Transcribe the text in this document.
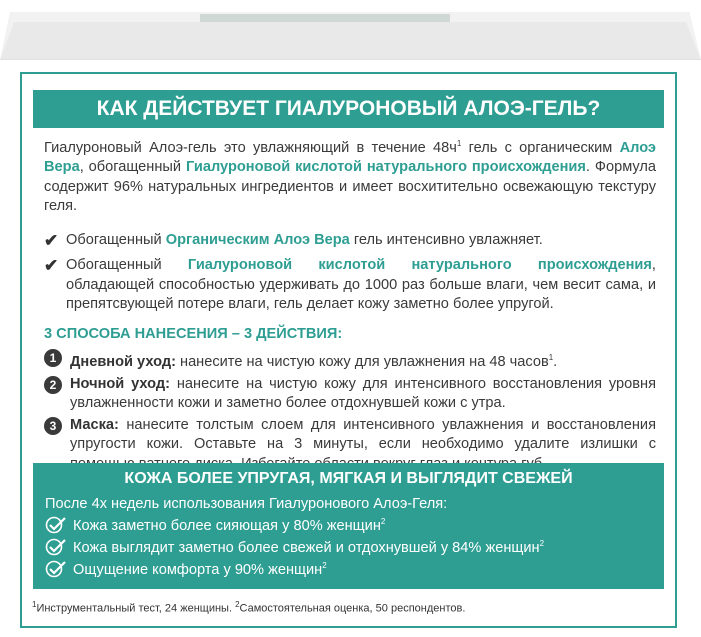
КАК ДЕЙСТВУЕТ ГИАЛУРОНОВЫЙ АЛОЭ-ГЕЛЬ?

Гиалуроновый Алоэ-гель это увлажняющий в течение $48ч^1$ гель с органическим Алоэ Вера, обогащенный Гиалуроновой кислотой натурального происхождения. Формула содержит 96% натуральных ингредиентов и имеет восхитительно освежающую текстуру геля.

✔ Обогащенный Органическим Алоэ Вера гель интенсивно увлажняет.
✔ Обогащенный Гиалуроновой кислотой натурального происхождения, обладающей способностью удерживать до 1000 раз больше влаги, чем весит сама, и препятсвующей потере влаги, гель делает кожу заметно более упругой.
3 СПОСОБА НАНЕСЕНИЯ – 3 ДЕЙСТВИЯ:
1 Дневной уход: нанесите на чистую кожу для увлажнения на 48 часов$^1$.
2 Ночной уход: нанесите на чистую кожу для интенсивного восстановления уровня увлажненности кожи и заметно более отдохнувшей кожи с утра.
3 Маска: нанесите толстым слоем для интенсивного увлажнения и восстановления упругости кожи. Оставьте на 3 минуты, если необходимо удалите излишки с
КОЖА БОЛЕЕ УПРУГАЯ, МЯГКАЯ И ВЫГЛЯДИТ СВЕЖЕЙ
После 4х недель использования Гиалуронового Алоэ-Геля:
Кожа заметно более сияющая у 80% женщин$^2$
Кожа выглядит заметно более свежей и отдохнувшей у 84% женщин$^2$
Ощущение комфорта у 90% женщин$^2$
$^1$Инструментальный тест, 24 женщины. $^2$Самостоятельная оценка, 50 респондентов.
